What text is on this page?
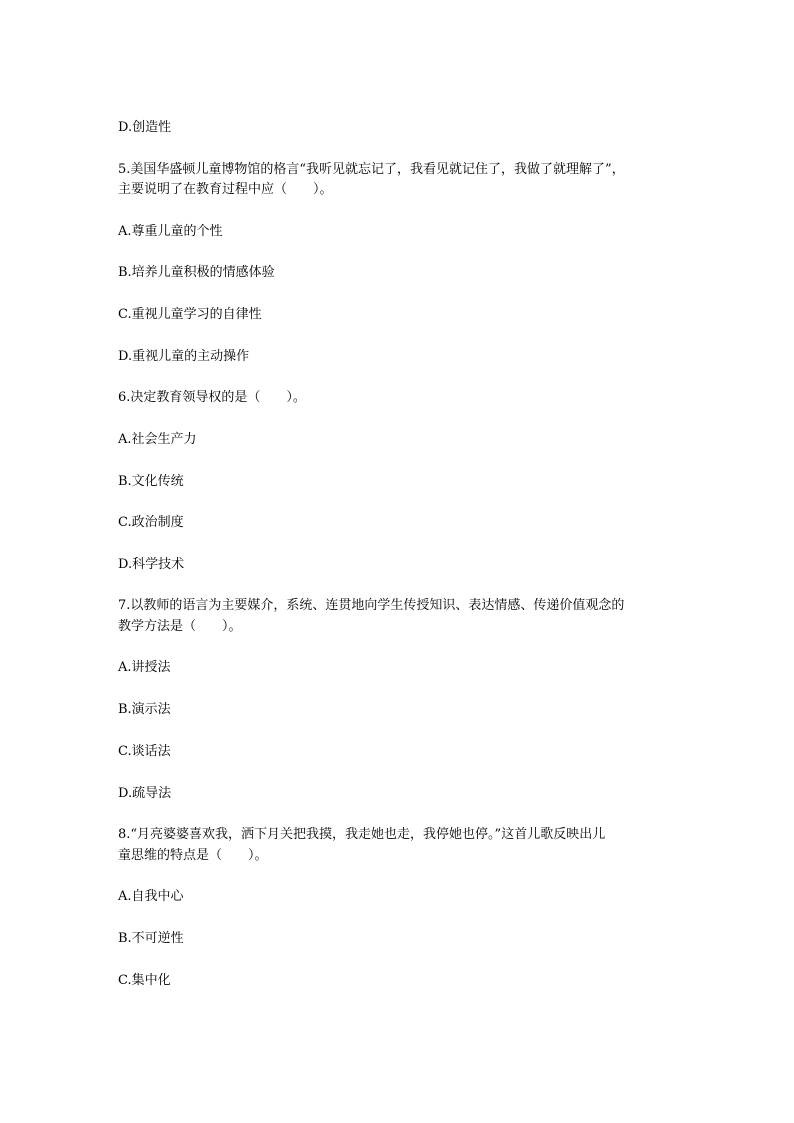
D.创造性
5.美国华盛顿儿童博物馆的格言“我听见就忘记了，我看见就记住了，我做了就理解了”，
主要说明了在教育过程中应（　　）。
A.尊重儿童的个性
B.培养儿童积极的情感体验
C.重视儿童学习的自律性
D.重视儿童的主动操作
6.决定教育领导权的是（　　）。
A.社会生产力
B.文化传统
C.政治制度
D.科学技术
7.以教师的语言为主要媒介，系统、连贯地向学生传授知识、表达情感、传递价值观念的
教学方法是（　　）。
A.讲授法
B.演示法
C.谈话法
D.疏导法
8.“月亮婆婆喜欢我，洒下月关把我摸，我走她也走，我停她也停。”这首儿歌反映出儿
童思维的特点是（　　）。
A.自我中心
B.不可逆性
C.集中化
